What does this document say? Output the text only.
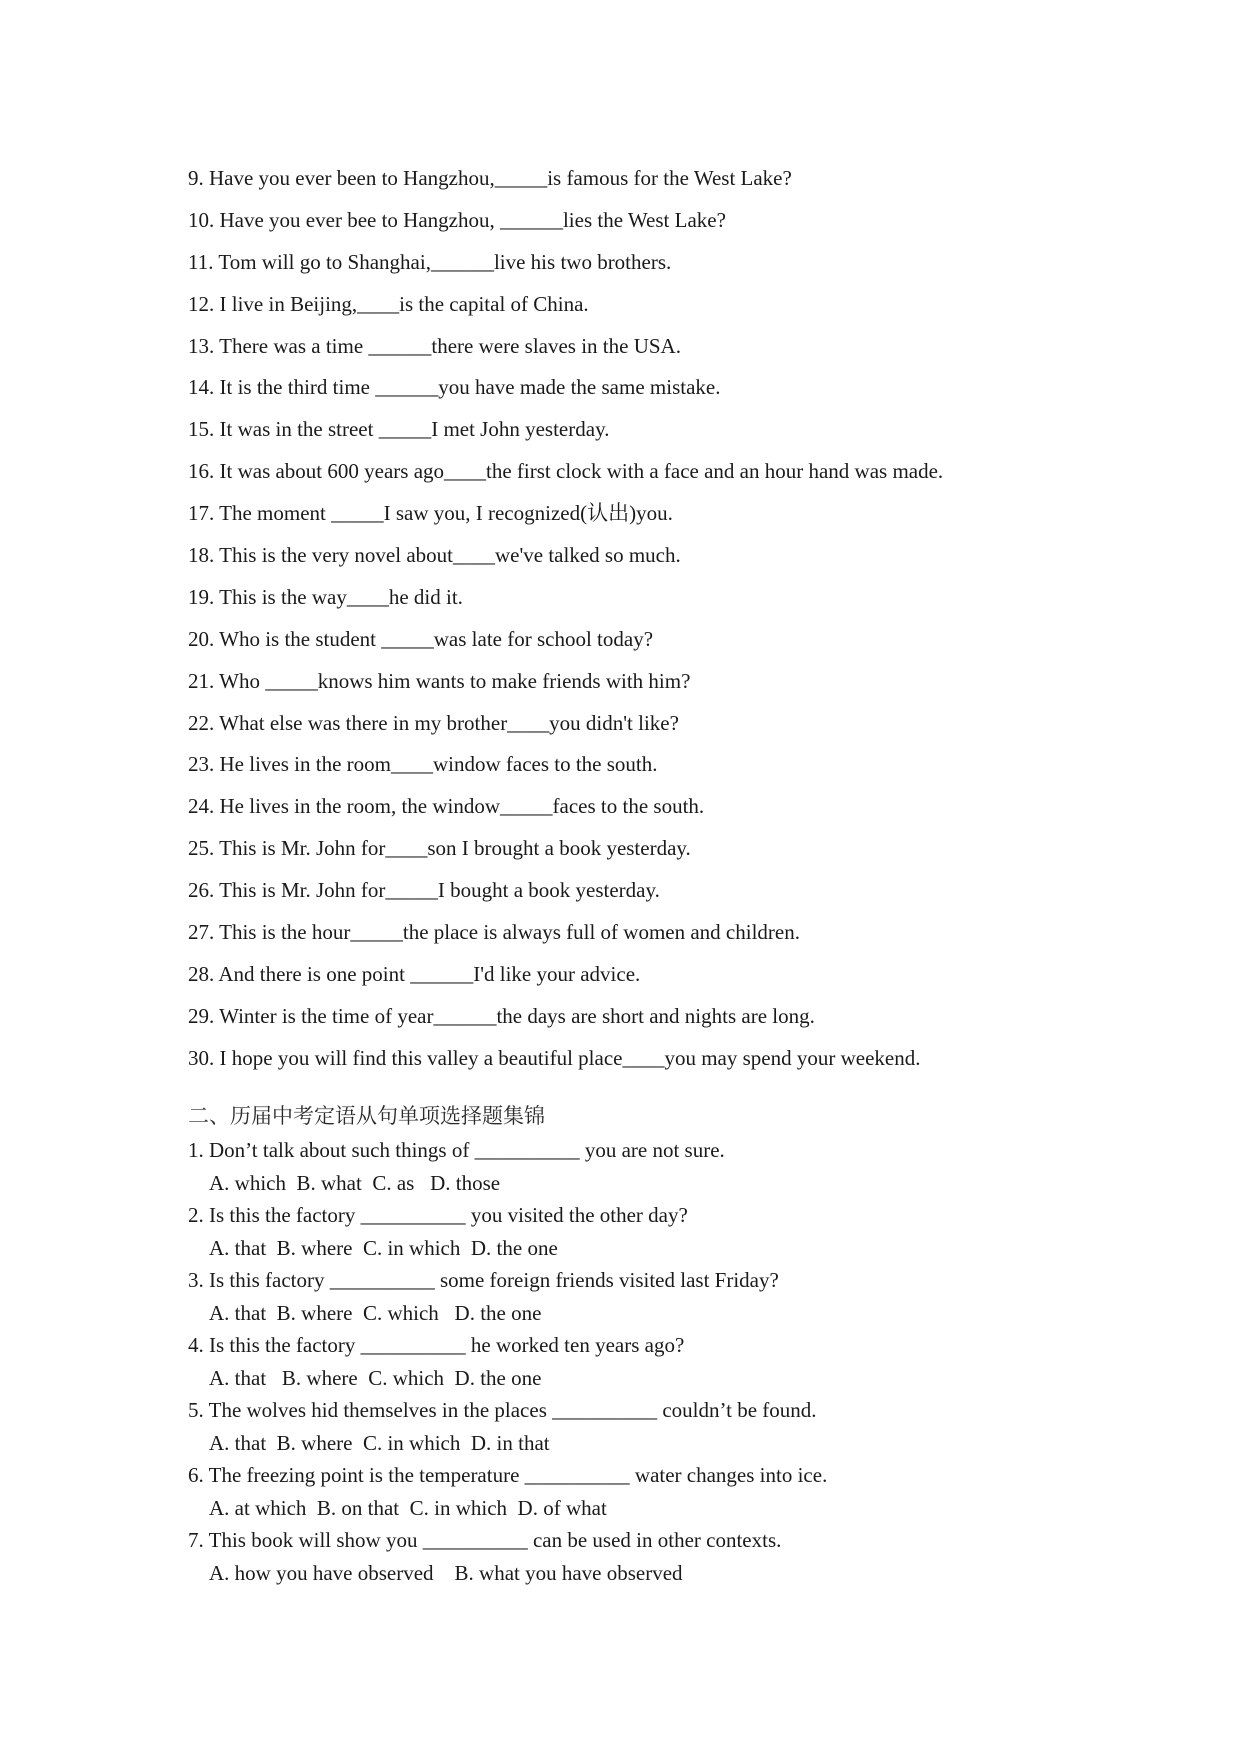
9. Have you ever been to Hangzhou,_____is famous for the West Lake?

10. Have you ever bee to Hangzhou, ______lies the West Lake?

11. Tom will go to Shanghai,______live his two brothers.

12. I live in Beijing,____is the capital of China.

13. There was a time ______there were slaves in the USA.

14. It is the third time ______you have made the same mistake.

15. It was in the street _____I met John yesterday.

16. It was about 600 years ago____the first clock with a face and an hour hand was made.

17. The moment _____I saw you, I recognized(认出)you.

18. This is the very novel about____we've talked so much.

19. This is the way____he did it.

20. Who is the student _____was late for school today?

21. Who _____knows him wants to make friends with him?

22. What else was there in my brother____you didn't like?

23. He lives in the room____window faces to the south.

24. He lives in the room, the window_____faces to the south.

25. This is Mr. John for____son I brought a book yesterday.

26. This is Mr. John for_____I bought a book yesterday.

27. This is the hour_____the place is always full of women and children.

28. And there is one point ______I'd like your advice.

29. Winter is the time of year______the days are short and nights are long.

30. I hope you will find this valley a beautiful place____you may spend your weekend.

二、历届中考定语从句单项选择题集锦

1. Don’t talk about such things of __________ you are not sure.

A. which  B. what  C. as   D. those

2. Is this the factory __________ you visited the other day?

A. that  B. where  C. in which  D. the one

3. Is this factory __________ some foreign friends visited last Friday?

A. that  B. where  C. which   D. the one

4. Is this the factory __________ he worked ten years ago?

A. that   B. where  C. which  D. the one

5. The wolves hid themselves in the places __________ couldn’t be found.

A. that  B. where  C. in which  D. in that

6. The freezing point is the temperature __________ water changes into ice.

A. at which  B. on that  C. in which  D. of what

7. This book will show you __________ can be used in other contexts.

A. how you have observed    B. what you have observed
